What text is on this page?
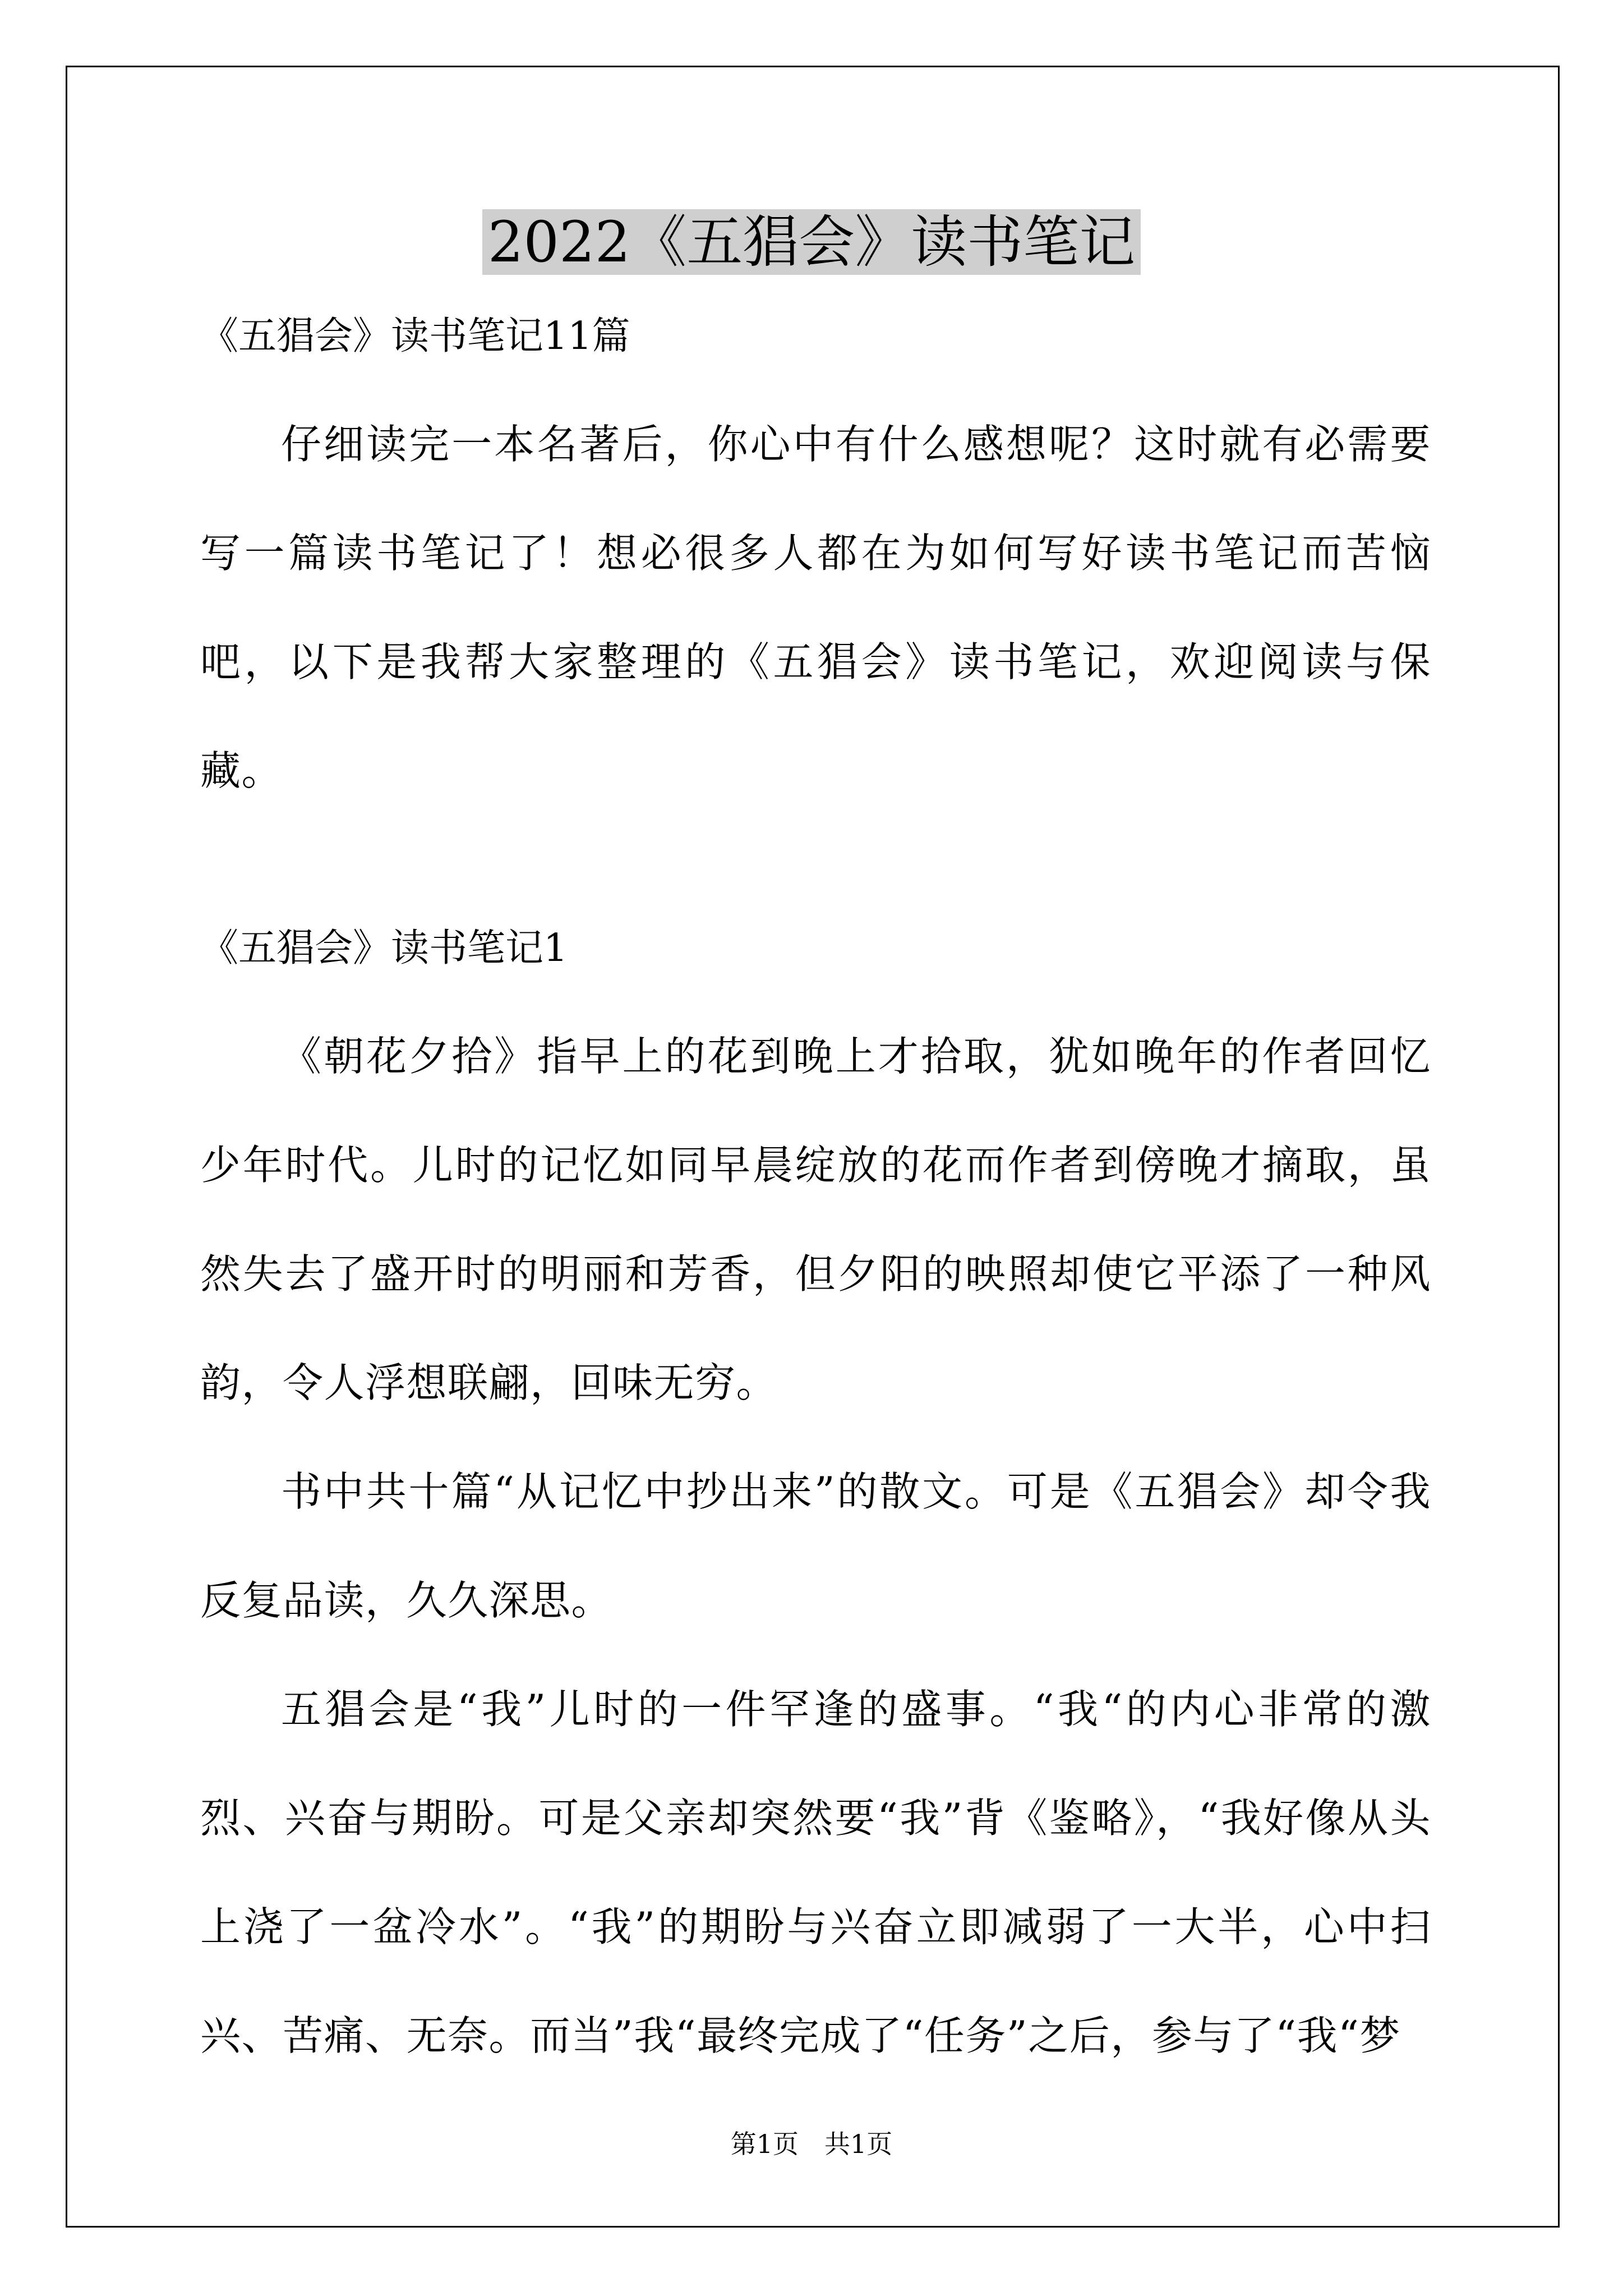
2022《五猖会》读书笔记
《五猖会》读书笔记11篇

仔细读完一本名著后，你心中有什么感想呢？这时就有必需要写一篇读书笔记了！想必很多人都在为如何写好读书笔记而苦恼吧，以下是我帮大家整理的《五猖会》读书笔记，欢迎阅读与保藏。

《五猖会》读书笔记1

《朝花夕拾》指早上的花到晚上才拾取，犹如晚年的作者回忆少年时代。儿时的记忆如同早晨绽放的花而作者到傍晚才摘取，虽然失去了盛开时的明丽和芳香，但夕阳的映照却使它平添了一种风韵，令人浮想联翩，回味无穷。

书中共十篇“从记忆中抄出来”的散文。可是《五猖会》却令我反复品读，久久深思。

五猖会是“我”儿时的一件罕逢的盛事。“我“的内心非常的激烈、兴奋与期盼。可是父亲却突然要“我”背《鉴略》，“我好像从头上浇了一盆冷水”。“我”的期盼与兴奋立即减弱了一大半，心中扫兴、苦痛、无奈。而当”我“最终完成了“任务”之后，参与了“我“梦

第1页　共1页
